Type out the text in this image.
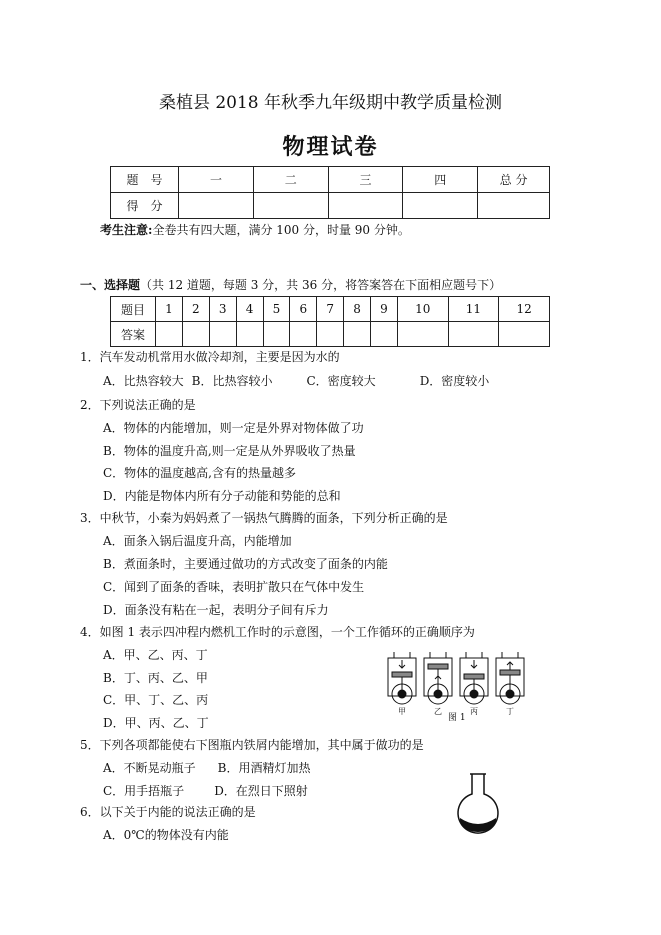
桑植县 2018 年秋季九年级期中教学质量检测
物理试卷
题　号	一	二	三	四	总 分
得　分					
考生注意:全卷共有四大题，满分 100 分，时量 90 分钟。
一、选择题（共 12 道题，每题 3 分，共 36 分，将答案答在下面相应题号下）
题目	1	2	3	4	5	6	7	8	9	10	11	12
答案												
1．汽车发动机常用水做冷却剂，主要是因为水的
A．比热容较大 B．比热容较小	C．密度较大	D．密度较小
2．下列说法正确的是
A．物体的内能增加，则一定是外界对物体做了功
B．物体的温度升高,则一定是从外界吸收了热量
C．物体的温度越高,含有的热量越多
D．内能是物体内所有分子动能和势能的总和
3．中秋节，小秦为妈妈煮了一锅热气腾腾的面条，下列分析正确的是
A．面条入锅后温度升高，内能增加
B．煮面条时，主要通过做功的方式改变了面条的内能
C．闻到了面条的香味，表明扩散只在气体中发生
D．面条没有粘在一起，表明分子间有斥力
4．如图 1 表示四冲程内燃机工作时的示意图，一个工作循环的正确顺序为
A．甲、乙、丙、丁
B．丁、丙、乙、甲
C．甲、丁、乙、丙
D．甲、丙、乙、丁
甲	乙	丙	丁
图 1
5．下列各项都能使右下图瓶内铁屑内能增加，其中属于做功的是
A．不断晃动瓶子 B．用酒精灯加热
C．用手捂瓶子	D．在烈日下照射
6．以下关于内能的说法正确的是
A．0℃的物体没有内能
